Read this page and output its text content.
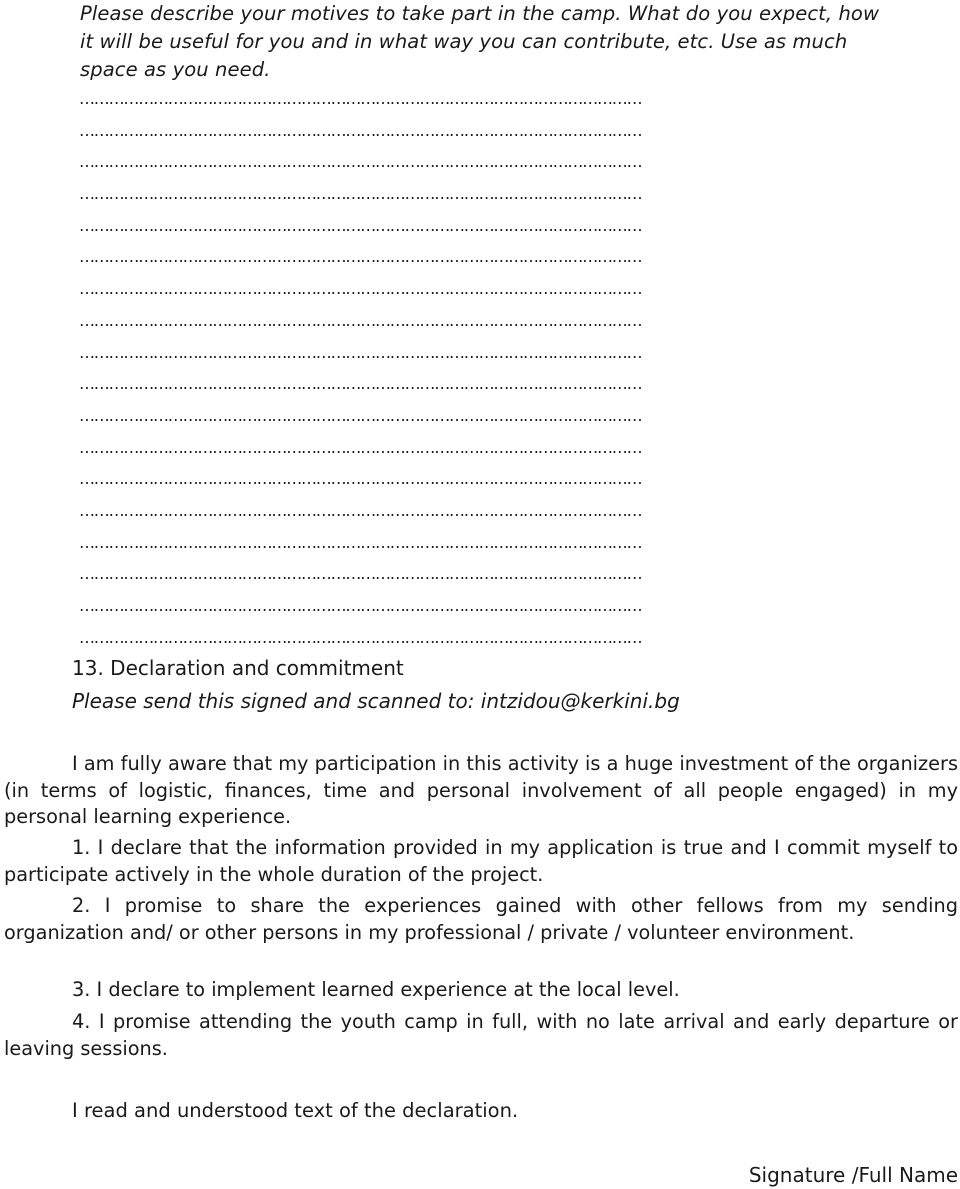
Please describe your motives to take part in the camp. What do you expect, how
it will be useful for you and in what way you can contribute, etc. Use as much
space as you need.
……………………………………………………………………………………………………
……………………………………………………………………………………………………
……………………………………………………………………………………………………
……………………………………………………………………………………………………
……………………………………………………………………………………………………
……………………………………………………………………………………………………
……………………………………………………………………………………………………
……………………………………………………………………………………………………
……………………………………………………………………………………………………
……………………………………………………………………………………………………
……………………………………………………………………………………………………
……………………………………………………………………………………………………
……………………………………………………………………………………………………
……………………………………………………………………………………………………
……………………………………………………………………………………………………
……………………………………………………………………………………………………
……………………………………………………………………………………………………
……………………………………………………………………………………………………
13. Declaration and commitment
Please send this signed and scanned to: intzidou@kerkini.bg

I am fully aware that my participation in this activity is a huge investment of the organizers (in terms of logistic, finances, time and personal involvement of all people engaged) in my personal learning experience.

1. I declare that the information provided in my application is true and I commit myself to participate actively in the whole duration of the project.

2. I promise to share the experiences gained with other fellows from my sending organization and/ or other persons in my professional / private / volunteer environment.

3. I declare to implement learned experience at the local level.

4. I promise attending the youth camp in full, with no late arrival and early departure or leaving sessions.

I read and understood text of the declaration.
Signature /Full Name
